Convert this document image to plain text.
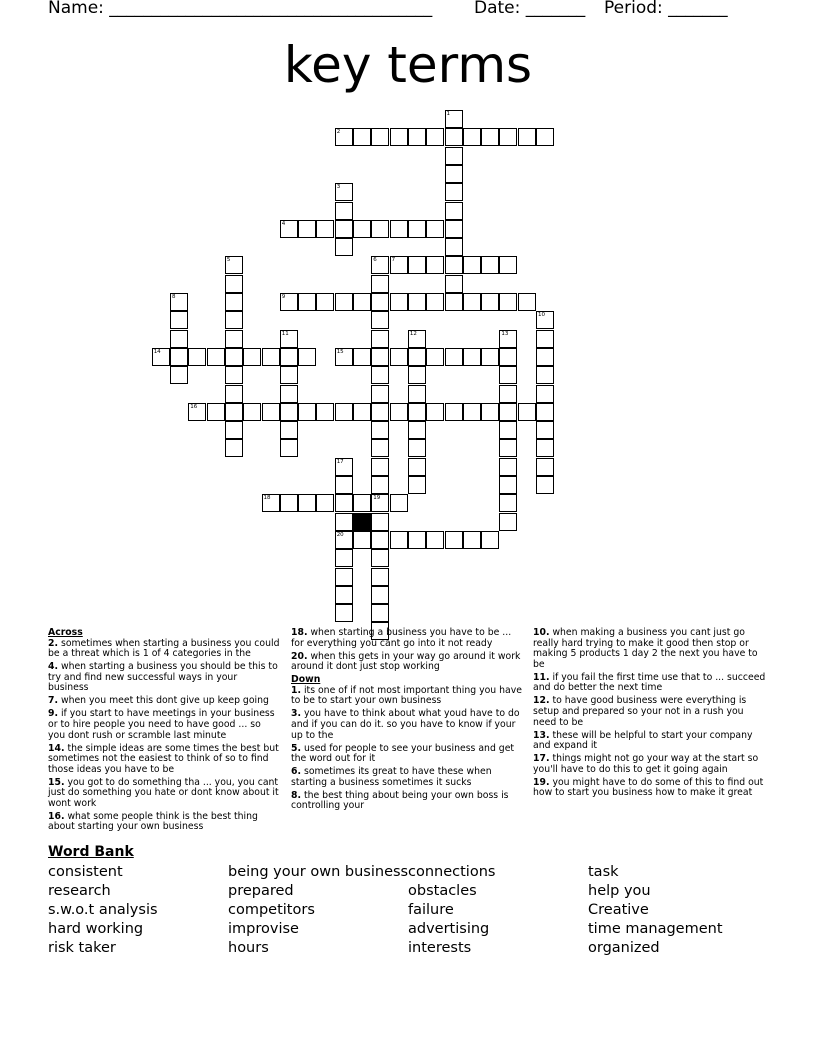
Name: ______________________________________ Date: _______ Period: _______
key terms
1
2
3
4
5	6	7
8	9
10
11	12	13
14	15
16
17
20
18	19
Across
2. sometimes when starting a business you could be a threat which is 1 of 4 categories in the
4. when starting a business you should be this to try and find new successful ways in your business
7. when you meet this dont give up keep going
9. if you start to have meetings in your business or to hire people you need to have good ... so you dont rush or scramble last minute
14. the simple ideas are some times the best but sometimes not the easiest to think of so to find those ideas you have to be
15. you got to do something tha ... you, you cant just do something you hate or dont know about it wont work
16. what some people think is the best thing about starting your own business
18. when starting a business you have to be ... for everything you cant go into it not ready
20. when this gets in your way go around it work around it dont just stop working
Down
1. its one of if not most important thing you have to be to start your own business
3. you have to think about what youd have to do and if you can do it. so you have to know if your up to the
5. used for people to see your business and get the word out for it
6. sometimes its great to have these when starting a business sometimes it sucks
8. the best thing about being your own boss is controlling your
10. when making a business you cant just go really hard trying to make it good then stop or making 5 products 1 day 2 the next you have to be
11. if you fail the first time use that to ... succeed and do better the next time
12. to have good business were everything is setup and prepared so your not in a rush you need to be
13. these will be helpful to start your company and expand it
17. things might not go your way at the start so you'll have to do this to get it going again
19. you might have to do some of this to find out how to start you business how to make it great
Word Bank
consistent
research
s.w.o.t analysis
hard working
risk taker
being your own business
prepared
competitors
improvise
hours
connections
obstacles
failure
advertising
interests
task
help you
Creative
time management
organized
